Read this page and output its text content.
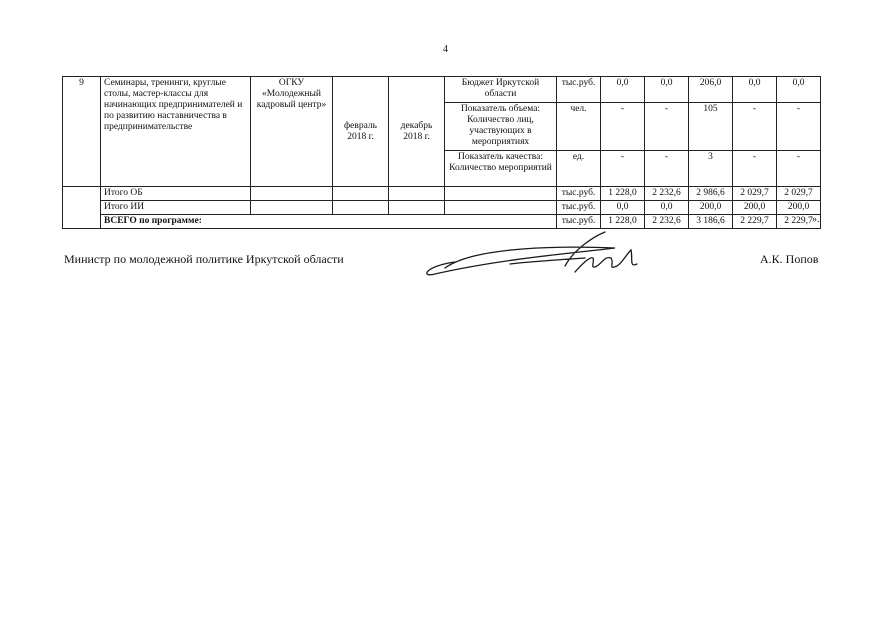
4
9	Семинары, тренинги, круглые столы, мастер-классы для начинающих предпринимателей и по развитию наставничества в предпринимательстве	ОГКУ «Молодежный кадровый центр»	февраль 2018 г.	декабрь 2018 г.	Бюджет Иркутской области	тыс.руб.	0,0	0,0	206,0	0,0	0,0
					Показатель объема: Количество лиц, участвующих в мероприятиях	чел.	-	-	105	-	-
					Показатель качества: Количество мероприятий	ед.	-	-	3	-	-
	Итого ОБ					тыс.руб.	1 228,0	2 232,6	2 986,6	2 029,7	2 029,7
	Итого ИИ					тыс.руб.	0,0	0,0	200,0	200,0	200,0
	ВСЕГО по программе:					тыс.руб.	1 228,0	2 232,6	3 186,6	2 229,7	2 229,7 ».
Министр по молодежной политике Иркутской области	А.К. Попов
